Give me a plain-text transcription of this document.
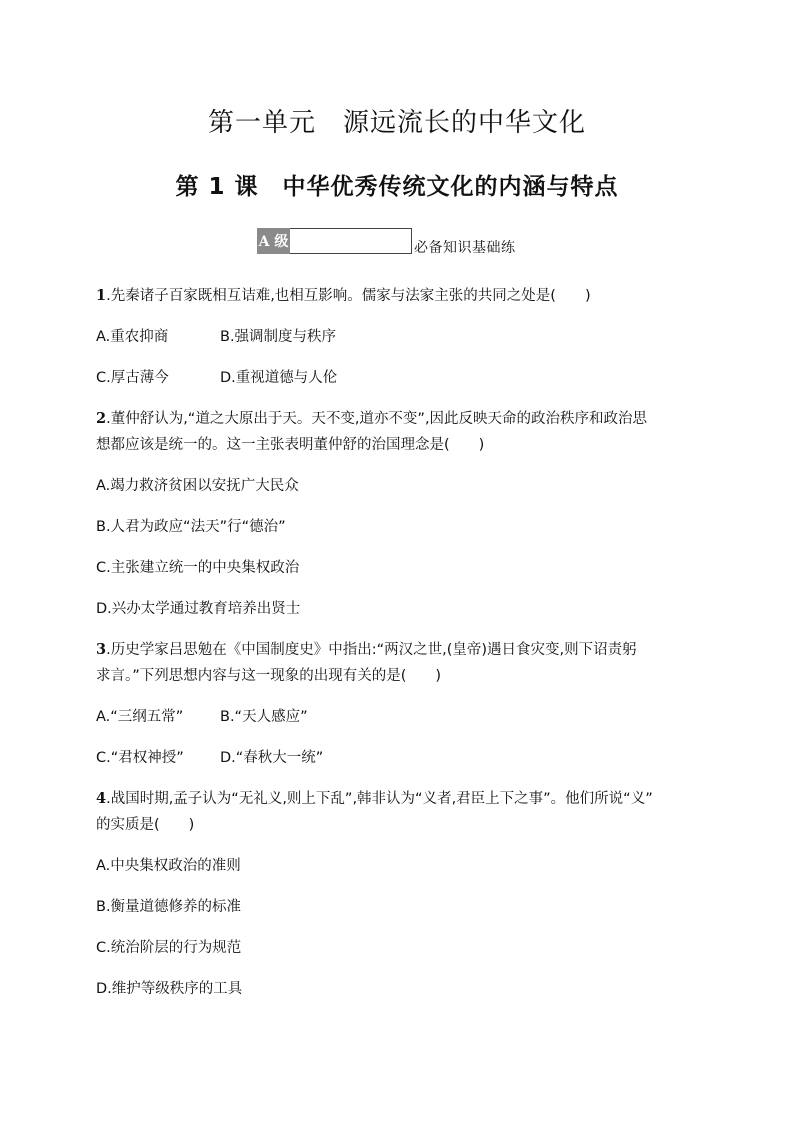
第一单元　源远流长的中华文化
第 1 课　中华优秀传统文化的内涵与特点
A 级	必备知识基础练

1.先秦诸子百家既相互诘难,也相互影响。儒家与法家主张的共同之处是(　　)

A.重农抑商	B.强调制度与秩序
C.厚古薄今	D.重视道德与人伦

2.董仲舒认为,“道之大原出于天。天不变,道亦不变”,因此反映天命的政治秩序和政治思
想都应该是统一的。这一主张表明董仲舒的治国理念是(　　)

A.竭力救济贫困以安抚广大民众

B.人君为政应“法天”行“德治”

C.主张建立统一的中央集权政治

D.兴办太学通过教育培养出贤士

3.历史学家吕思勉在《中国制度史》中指出:“两汉之世,(皇帝)遇日食灾变,则下诏责躬
求言。”下列思想内容与这一现象的出现有关的是(　　)

A.“三纲五常”	B.“天人感应”
C.“君权神授”	D.“春秋大一统”

4.战国时期,孟子认为“无礼义,则上下乱”,韩非认为“义者,君臣上下之事”。他们所说“义”
的实质是(　　)

A.中央集权政治的准则

B.衡量道德修养的标准

C.统治阶层的行为规范

D.维护等级秩序的工具
